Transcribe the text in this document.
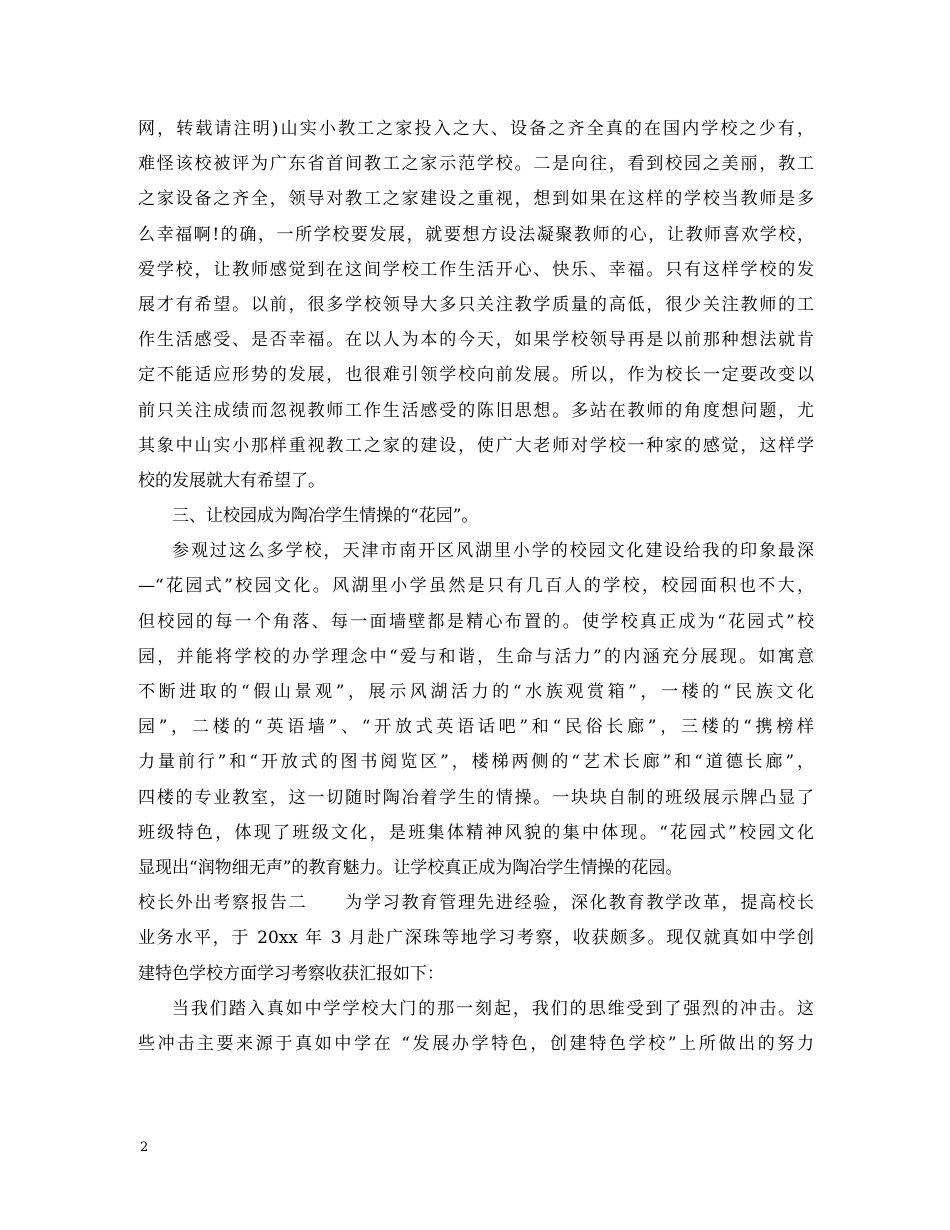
网，转载请注明)山实小教工之家投入之大、设备之齐全真的在国内学校之少有，
难怪该校被评为广东省首间教工之家示范学校。二是向往，看到校园之美丽，教工
之家设备之齐全，领导对教工之家建设之重视，想到如果在这样的学校当教师是多
么幸福啊!的确，一所学校要发展，就要想方设法凝聚教师的心，让教师喜欢学校，
爱学校，让教师感觉到在这间学校工作生活开心、快乐、幸福。只有这样学校的发
展才有希望。以前，很多学校领导大多只关注教学质量的高低，很少关注教师的工
作生活感受、是否幸福。在以人为本的今天，如果学校领导再是以前那种想法就肯
定不能适应形势的发展，也很难引领学校向前发展。所以，作为校长一定要改变以
前只关注成绩而忽视教师工作生活感受的陈旧思想。多站在教师的角度想问题，尤
其象中山实小那样重视教工之家的建设，使广大老师对学校一种家的感觉，这样学
校的发展就大有希望了。
三、让校园成为陶冶学生情操的“花园”。
参观过这么多学校，天津市南开区风湖里小学的校园文化建设给我的印象最深
—“花园式”校园文化。风湖里小学虽然是只有几百人的学校，校园面积也不大，
但校园的每一个角落、每一面墙壁都是精心布置的。使学校真正成为“花园式”校
园，并能将学校的办学理念中“爱与和谐，生命与活力”的内涵充分展现。如寓意
不断进取的“假山景观”，展示风湖活力的“水族观赏箱”，一楼的“民族文化
园”，二楼的“英语墙”、“开放式英语话吧”和“民俗长廊”，三楼的“携榜样
力量前行”和“开放式的图书阅览区”，楼梯两侧的“艺术长廊”和“道德长廊”，
四楼的专业教室，这一切随时陶冶着学生的情操。一块块自制的班级展示牌凸显了
班级特色，体现了班级文化，是班集体精神风貌的集中体现。“花园式”校园文化
显现出“润物细无声”的教育魅力。让学校真正成为陶冶学生情操的花园。
校长外出考察报告二　　为学习教育管理先进经验，深化教育教学改革，提高校长
业务水平，于 20xx 年 3 月赴广深珠等地学习考察，收获颇多。现仅就真如中学创
建特色学校方面学习考察收获汇报如下：
当我们踏入真如中学学校大门的那一刻起，我们的思维受到了强烈的冲击。这
些冲击主要来源于真如中学在 “发展办学特色，创建特色学校”上所做出的努力
2
